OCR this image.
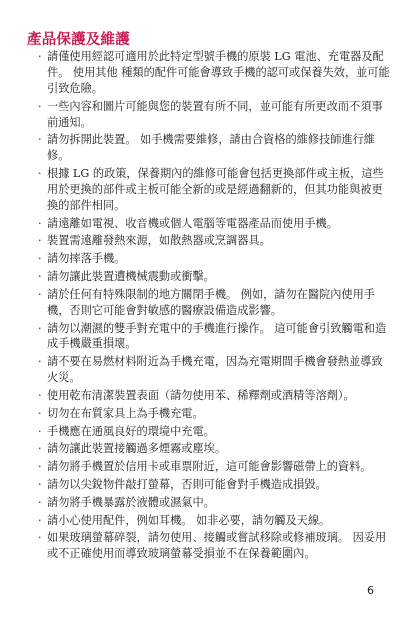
產品保護及維護
· 請僅使用經認可適用於此特定型號手機的原裝 LG 電池、充電器及配件。 使用其他 種類的配件可能會導致手機的認可或保養失效，並可能引致危險。
· 一些內容和圖片可能與您的裝置有所不同，並可能有所更改而不須事前通知。
· 請勿拆開此裝置。 如手機需要維修，請由合資格的維修技師進行維修。
· 根據 LG 的政策，保養期內的維修可能會包括更換部件或主板，這些用於更換的部件或主板可能全新的或是經過翻新的，但其功能與被更換的部件相同。
· 請遠離如電視、收音機或個人電腦等電器產品而使用手機。
· 裝置需遠離發熱來源，如散熱器或烹調器具。
· 請勿摔落手機。
· 請勿讓此裝置遭機械震動或衝擊。
· 請於任何有特殊限制的地方關閉手機。 例如，請勿在醫院內使用手機，否則它可能會對敏感的醫療設備造成影響。
· 請勿以潮濕的雙手對充電中的手機進行操作。 這可能會引致觸電和造成手機嚴重損壞。
· 請不要在易燃材料附近為手機充電，因為充電期間手機會發熱並導致火災。
· 使用乾布清潔裝置表面（請勿使用苯、稀釋劑或酒精等溶劑）。
· 切勿在布質家具上為手機充電。
· 手機應在通風良好的環境中充電。
· 請勿讓此裝置接觸過多煙霧或塵埃。
· 請勿將手機置於信用卡或車票附近，這可能會影響磁帶上的資料。
· 請勿以尖銳物件敲打螢幕，否則可能會對手機造成損毀。
· 請勿將手機暴露於液體或濕氣中。
· 請小心使用配件，例如耳機。 如非必要，請勿觸及天線。
· 如果玻璃螢幕碎裂，請勿使用、接觸或嘗試移除或修補玻璃。 因妥用或不正確使用而導致玻璃螢幕受損並不在保養範圍內。
6
